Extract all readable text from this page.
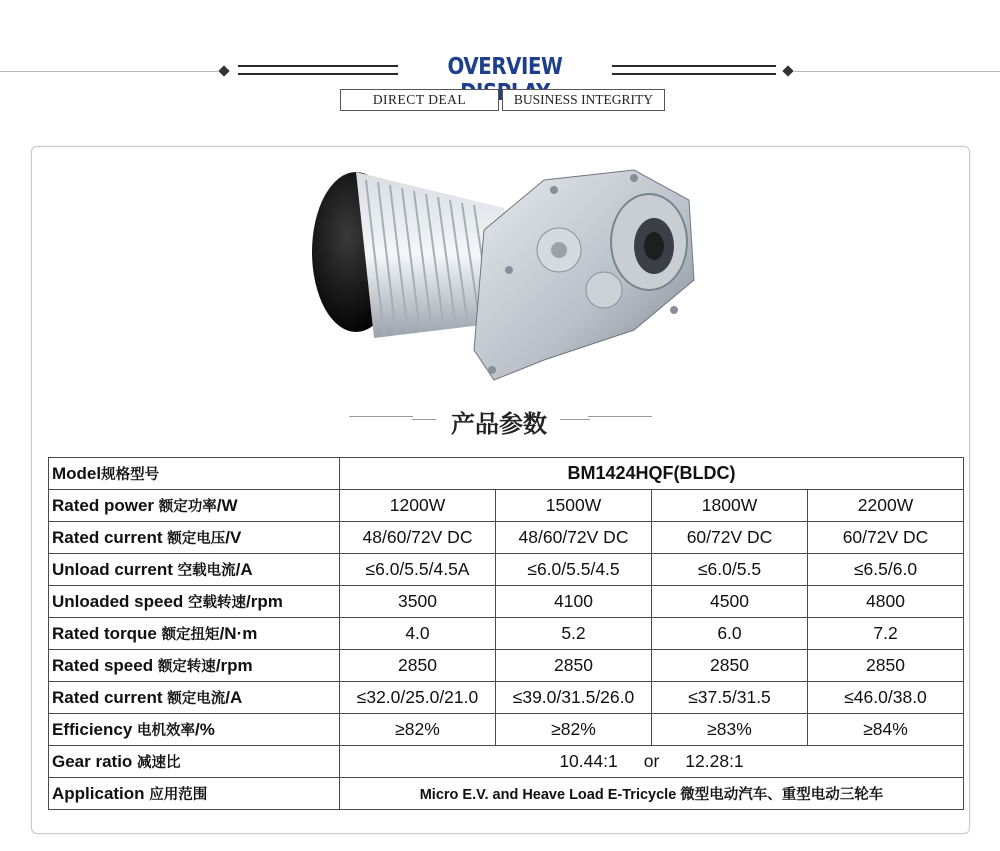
OVERVIEW
DIRECT DEAL	BUSINESS INTEGRITY
产品参数
Model规格型号	BM1424HQF(BLDC)			
Rated power 额定功率/W	1200W	1500W	1800W	2200W
Rated current 额定电压/V	48/60/72V DC	48/60/72V DC	60/72V DC	60/72V DC
Unload current 空载电流/A	≤6.0/5.5/4.5A	≤6.0/5.5/4.5	≤6.0/5.5	≤6.5/6.0
Unloaded speed 空载转速/rpm	3500	4100	4500	4800
Rated torque 额定扭矩/N·m	4.0	5.2	6.0	7.2
Rated speed 额定转速/rpm	2850	2850	2850	2850
Rated current 额定电流/A	≤32.0/25.0/21.0	≤39.0/31.5/26.0	≤37.5/31.5	≤46.0/38.0
Efficiency 电机效率/%	≥82%	≥82%	≥83%	≥84%
Gear ratio 减速比	10.44:1 or 12.28:1			
Application 应用范围	Micro E.V. and Heave Load E-Tricycle 微型电动汽车、重型电动三轮车			
